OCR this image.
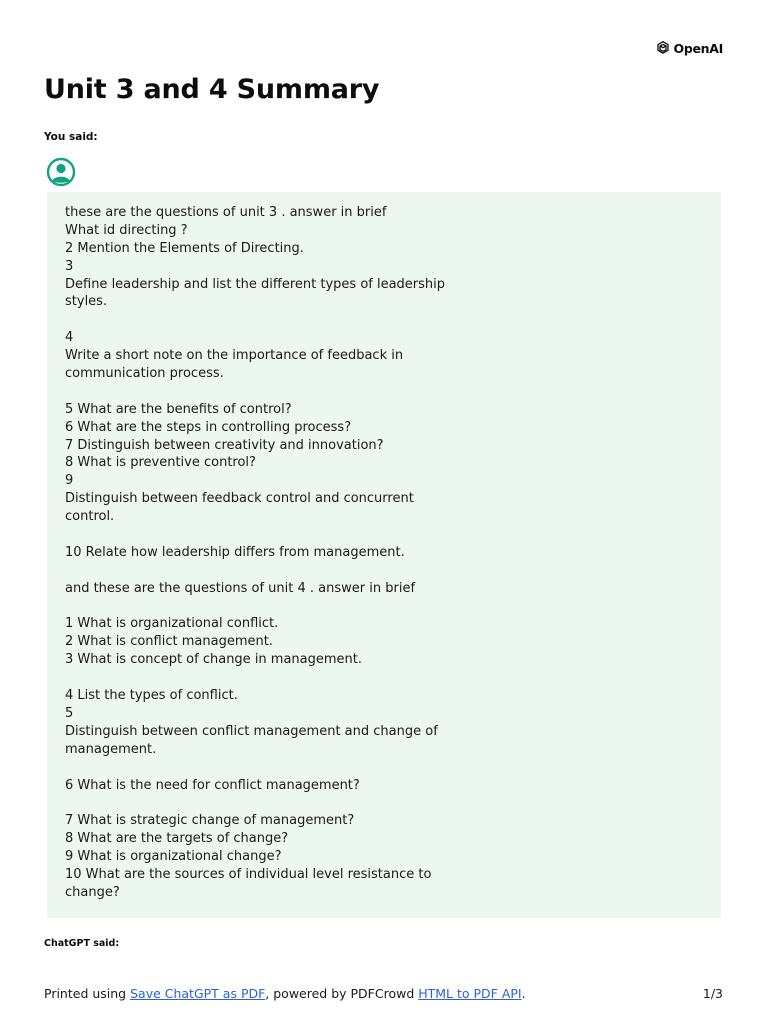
OpenAI
Unit 3 and 4 Summary
You said:
these are the questions of unit 3 . answer in brief
What id directing ?
2 Mention the Elements of Directing.
3
Define leadership and list the different types of leadership
styles.
4
Write a short note on the importance of feedback in
communication process.
5 What are the benefits of control?
6 What are the steps in controlling process?
7 Distinguish between creativity and innovation?
8 What is preventive control?
9
Distinguish between feedback control and concurrent
control.
10 Relate how leadership differs from management.
and these are the questions of unit 4 . answer in brief
1 What is organizational conflict.
2 What is conflict management.
3 What is concept of change in management.
4 List the types of conflict.
5
Distinguish between conflict management and change of
management.
6 What is the need for conflict management?
7 What is strategic change of management?
8 What are the targets of change?
9 What is organizational change?
10 What are the sources of individual level resistance to
change?
ChatGPT said:
Printed using Save ChatGPT as PDF, powered by PDFCrowd HTML to PDF API.	1/3
